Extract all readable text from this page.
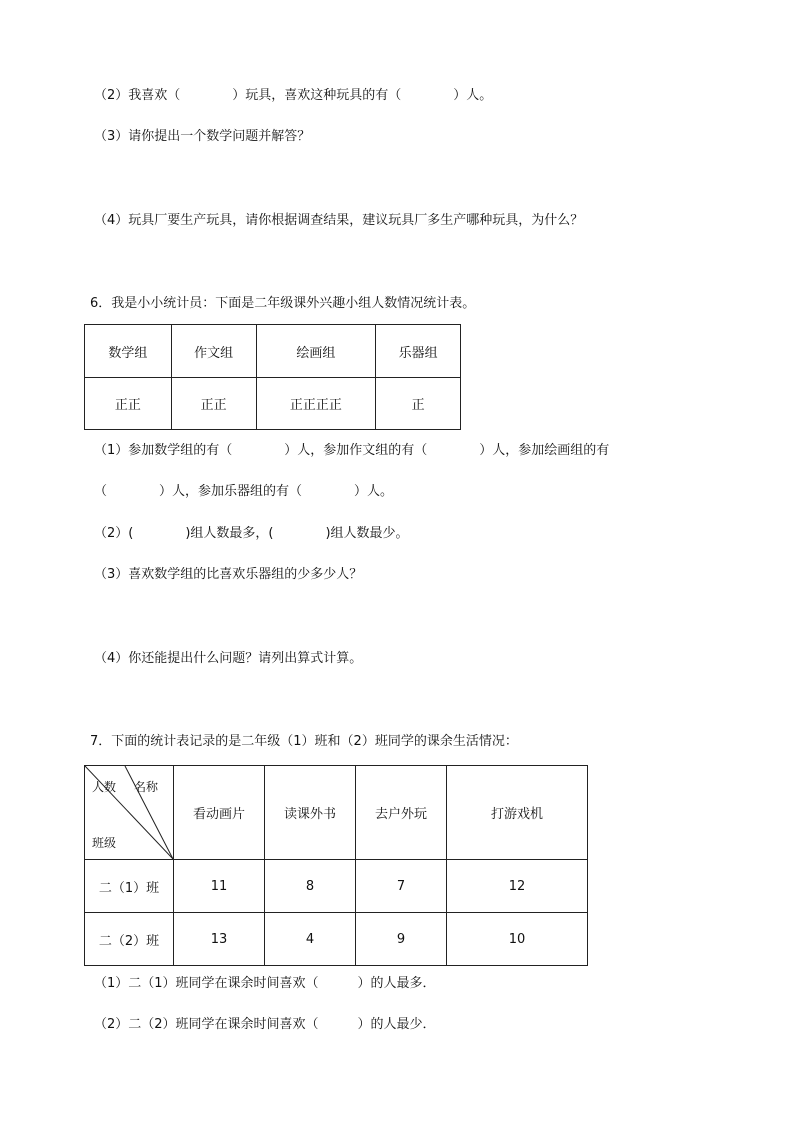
（2）我喜欢（　　　　）玩具，喜欢这种玩具的有（　　　　）人。
（3）请你提出一个数学问题并解答？
（4）玩具厂要生产玩具，请你根据调查结果，建议玩具厂多生产哪种玩具，为什么？
6．我是小小统计员：下面是二年级课外兴趣小组人数情况统计表。
数学组	作文组	绘画组	乐器组
正正	正正	正正正正	正
（1）参加数学组的有（　　　　）人，参加作文组的有（　　　　）人，参加绘画组的有
（　　　　）人，参加乐器组的有（　　　　）人。
（2）(　　　　)组人数最多，(　　　　)组人数最少。
（3）喜欢数学组的比喜欢乐器组的少多少人？
（4）你还能提出什么问题？请列出算式计算。
7．下面的统计表记录的是二年级（1）班和（2）班同学的课余生活情况：
人数 名称
班级	看动画片	读课外书	去户外玩	打游戏机
二（1）班	11	8	7	12
二（2）班	13	4	9	10
（1）二（1）班同学在课余时间喜欢（　　　）的人最多．
（2）二（2）班同学在课余时间喜欢（　　　）的人最少．
